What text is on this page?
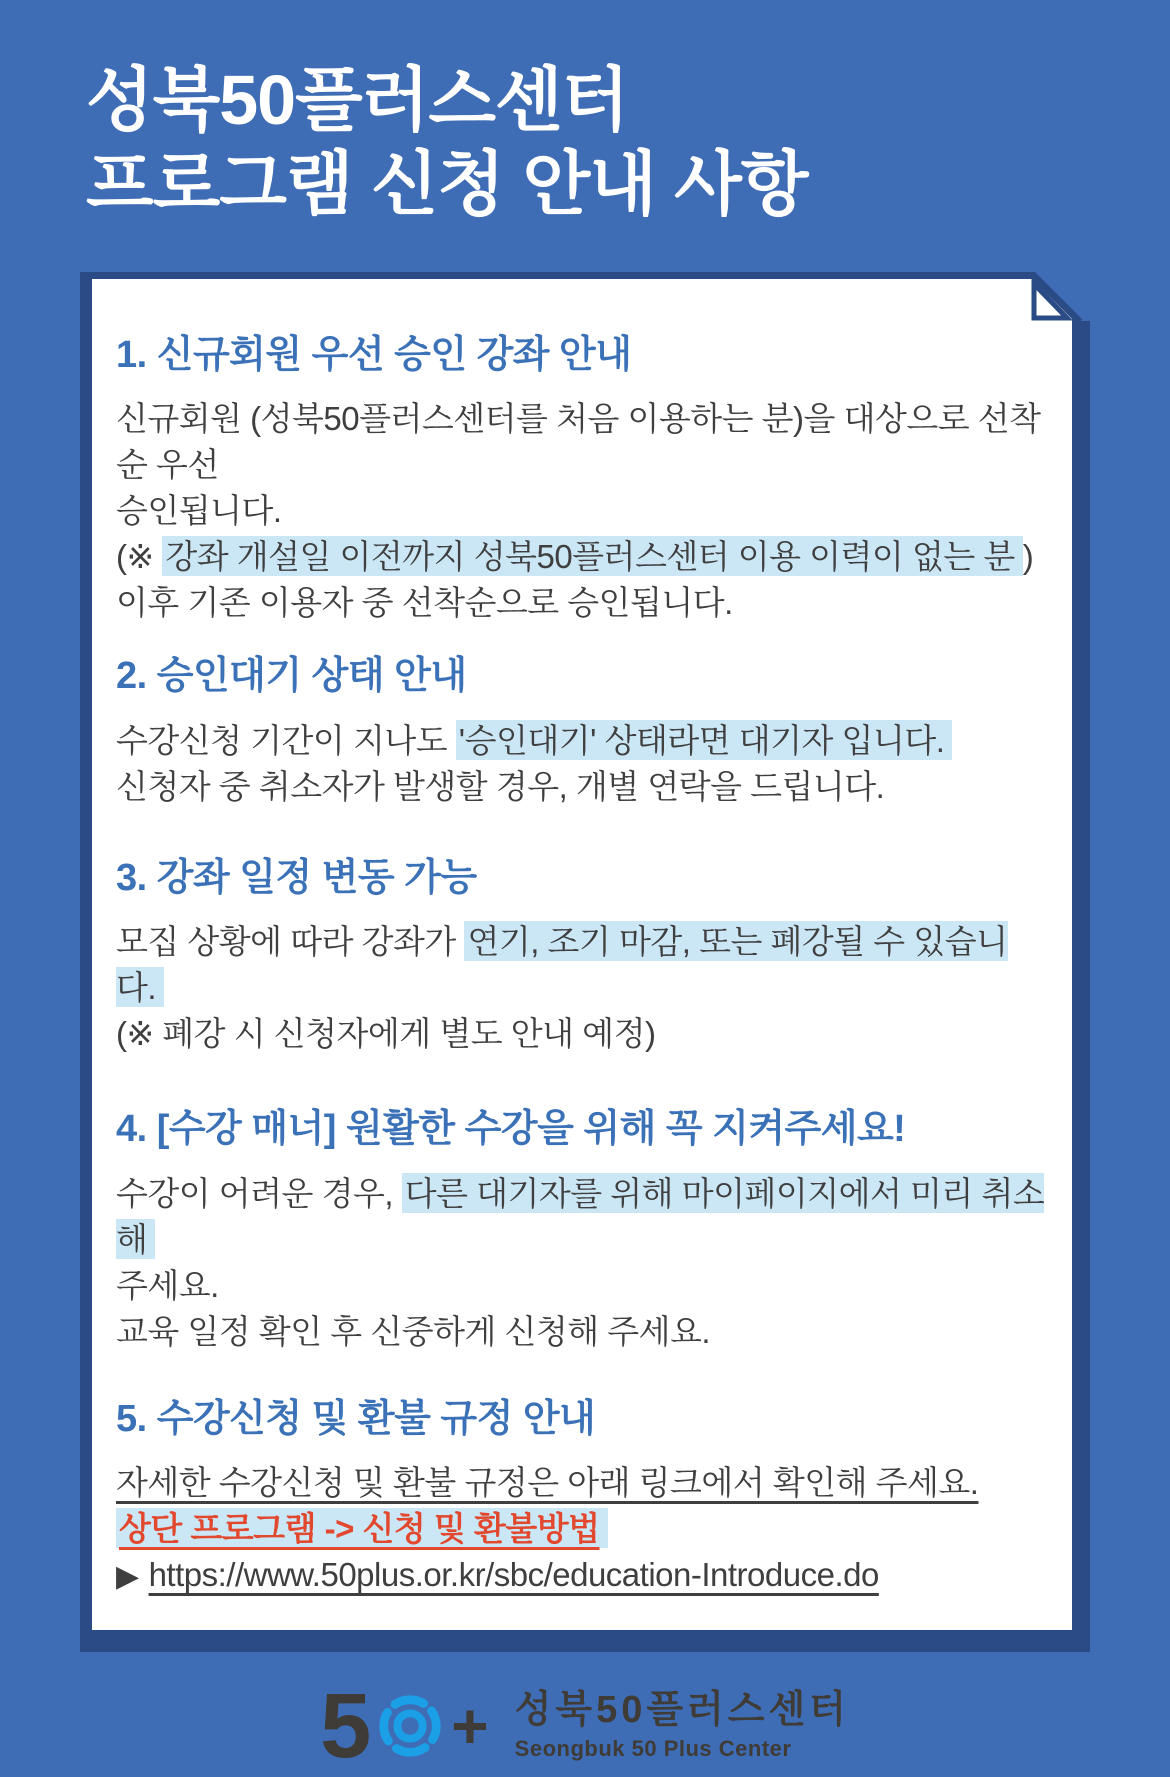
성북50플러스센터
프로그램 신청 안내 사항
1. 신규회원 우선 승인 강좌 안내
신규회원 (성북50플러스센터를 처음 이용하는 분)을 대상으로 선착순 우선
승인됩니다.
(※ 강좌 개설일 이전까지 성북50플러스센터 이용 이력이 없는 분 )
이후 기존 이용자 중 선착순으로 승인됩니다.
2. 승인대기 상태 안내
수강신청 기간이 지나도 '승인대기' 상태라면 대기자 입니다.
신청자 중 취소자가 발생할 경우, 개별 연락을 드립니다.
3. 강좌 일정 변동 가능
모집 상황에 따라 강좌가 연기, 조기 마감, 또는 폐강될 수 있습니다.
(※ 폐강 시 신청자에게 별도 안내 예정)
4. [수강 매너] 원활한 수강을 위해 꼭 지켜주세요!
수강이 어려운 경우, 다른 대기자를 위해 마이페이지에서 미리 취소해
주세요.
교육 일정 확인 후 신중하게 신청해 주세요.
5. 수강신청 및 환불 규정 안내
자세한 수강신청 및 환불 규정은 아래 링크에서 확인해 주세요.
상단 프로그램 -> 신청 및 환불방법
▶ https://www.50plus.or.kr/sbc/education-Introduce.do
5 + 성북50플러스센터
Seongbuk 50 Plus Center
